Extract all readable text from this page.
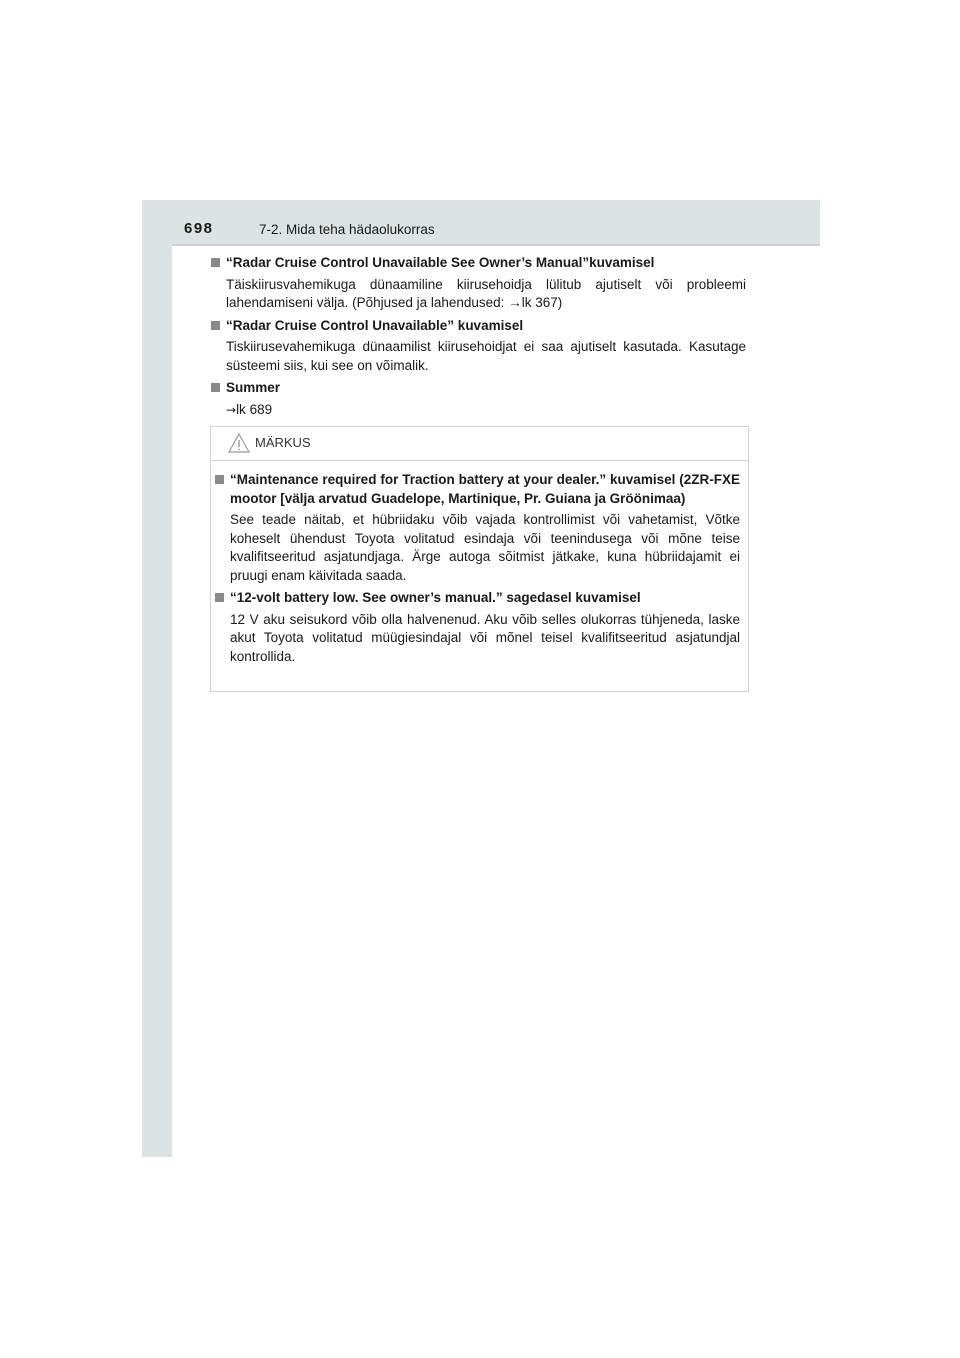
698	7-2. Mida teha hädaolukorras
“Radar Cruise Control Unavailable See Owner’s Manual”kuvamisel
Täiskiirusvahemikuga dünaamiline kiirusehoidja lülitub ajutiselt või probleemi lahendamiseni välja. (Põhjused ja lahendused: →lk 367)
“Radar Cruise Control Unavailable” kuvamisel
Tiskiirusevahemikuga dünaamilist kiirusehoidjat ei saa ajutiselt kasutada. Kasutage süsteemi siis, kui see on võimalik.
Summer
→lk 689
MÄRKUS
“Maintenance required for Traction battery at your dealer.” kuvamisel (2ZR-FXE mootor [välja arvatud Guadelope, Martinique, Pr. Guiana ja Gröönimaa)
See teade näitab, et hübriidaku võib vajada kontrollimist või vahetamist, Võtke koheselt ühendust Toyota volitatud esindaja või teenindusega või mõne teise kvalifitseeritud asjatundjaga. Ärge autoga sõitmist jätkake, kuna hübriidajamit ei pruugi enam käivitada saada.
“12-volt battery low. See owner’s manual.” sagedasel kuvamisel
12 V aku seisukord võib olla halvenenud. Aku võib selles olukorras tühjeneda, laske akut Toyota volitatud müügiesindajal või mõnel teisel kvalifitseeritud asjatundjal kontrollida.
